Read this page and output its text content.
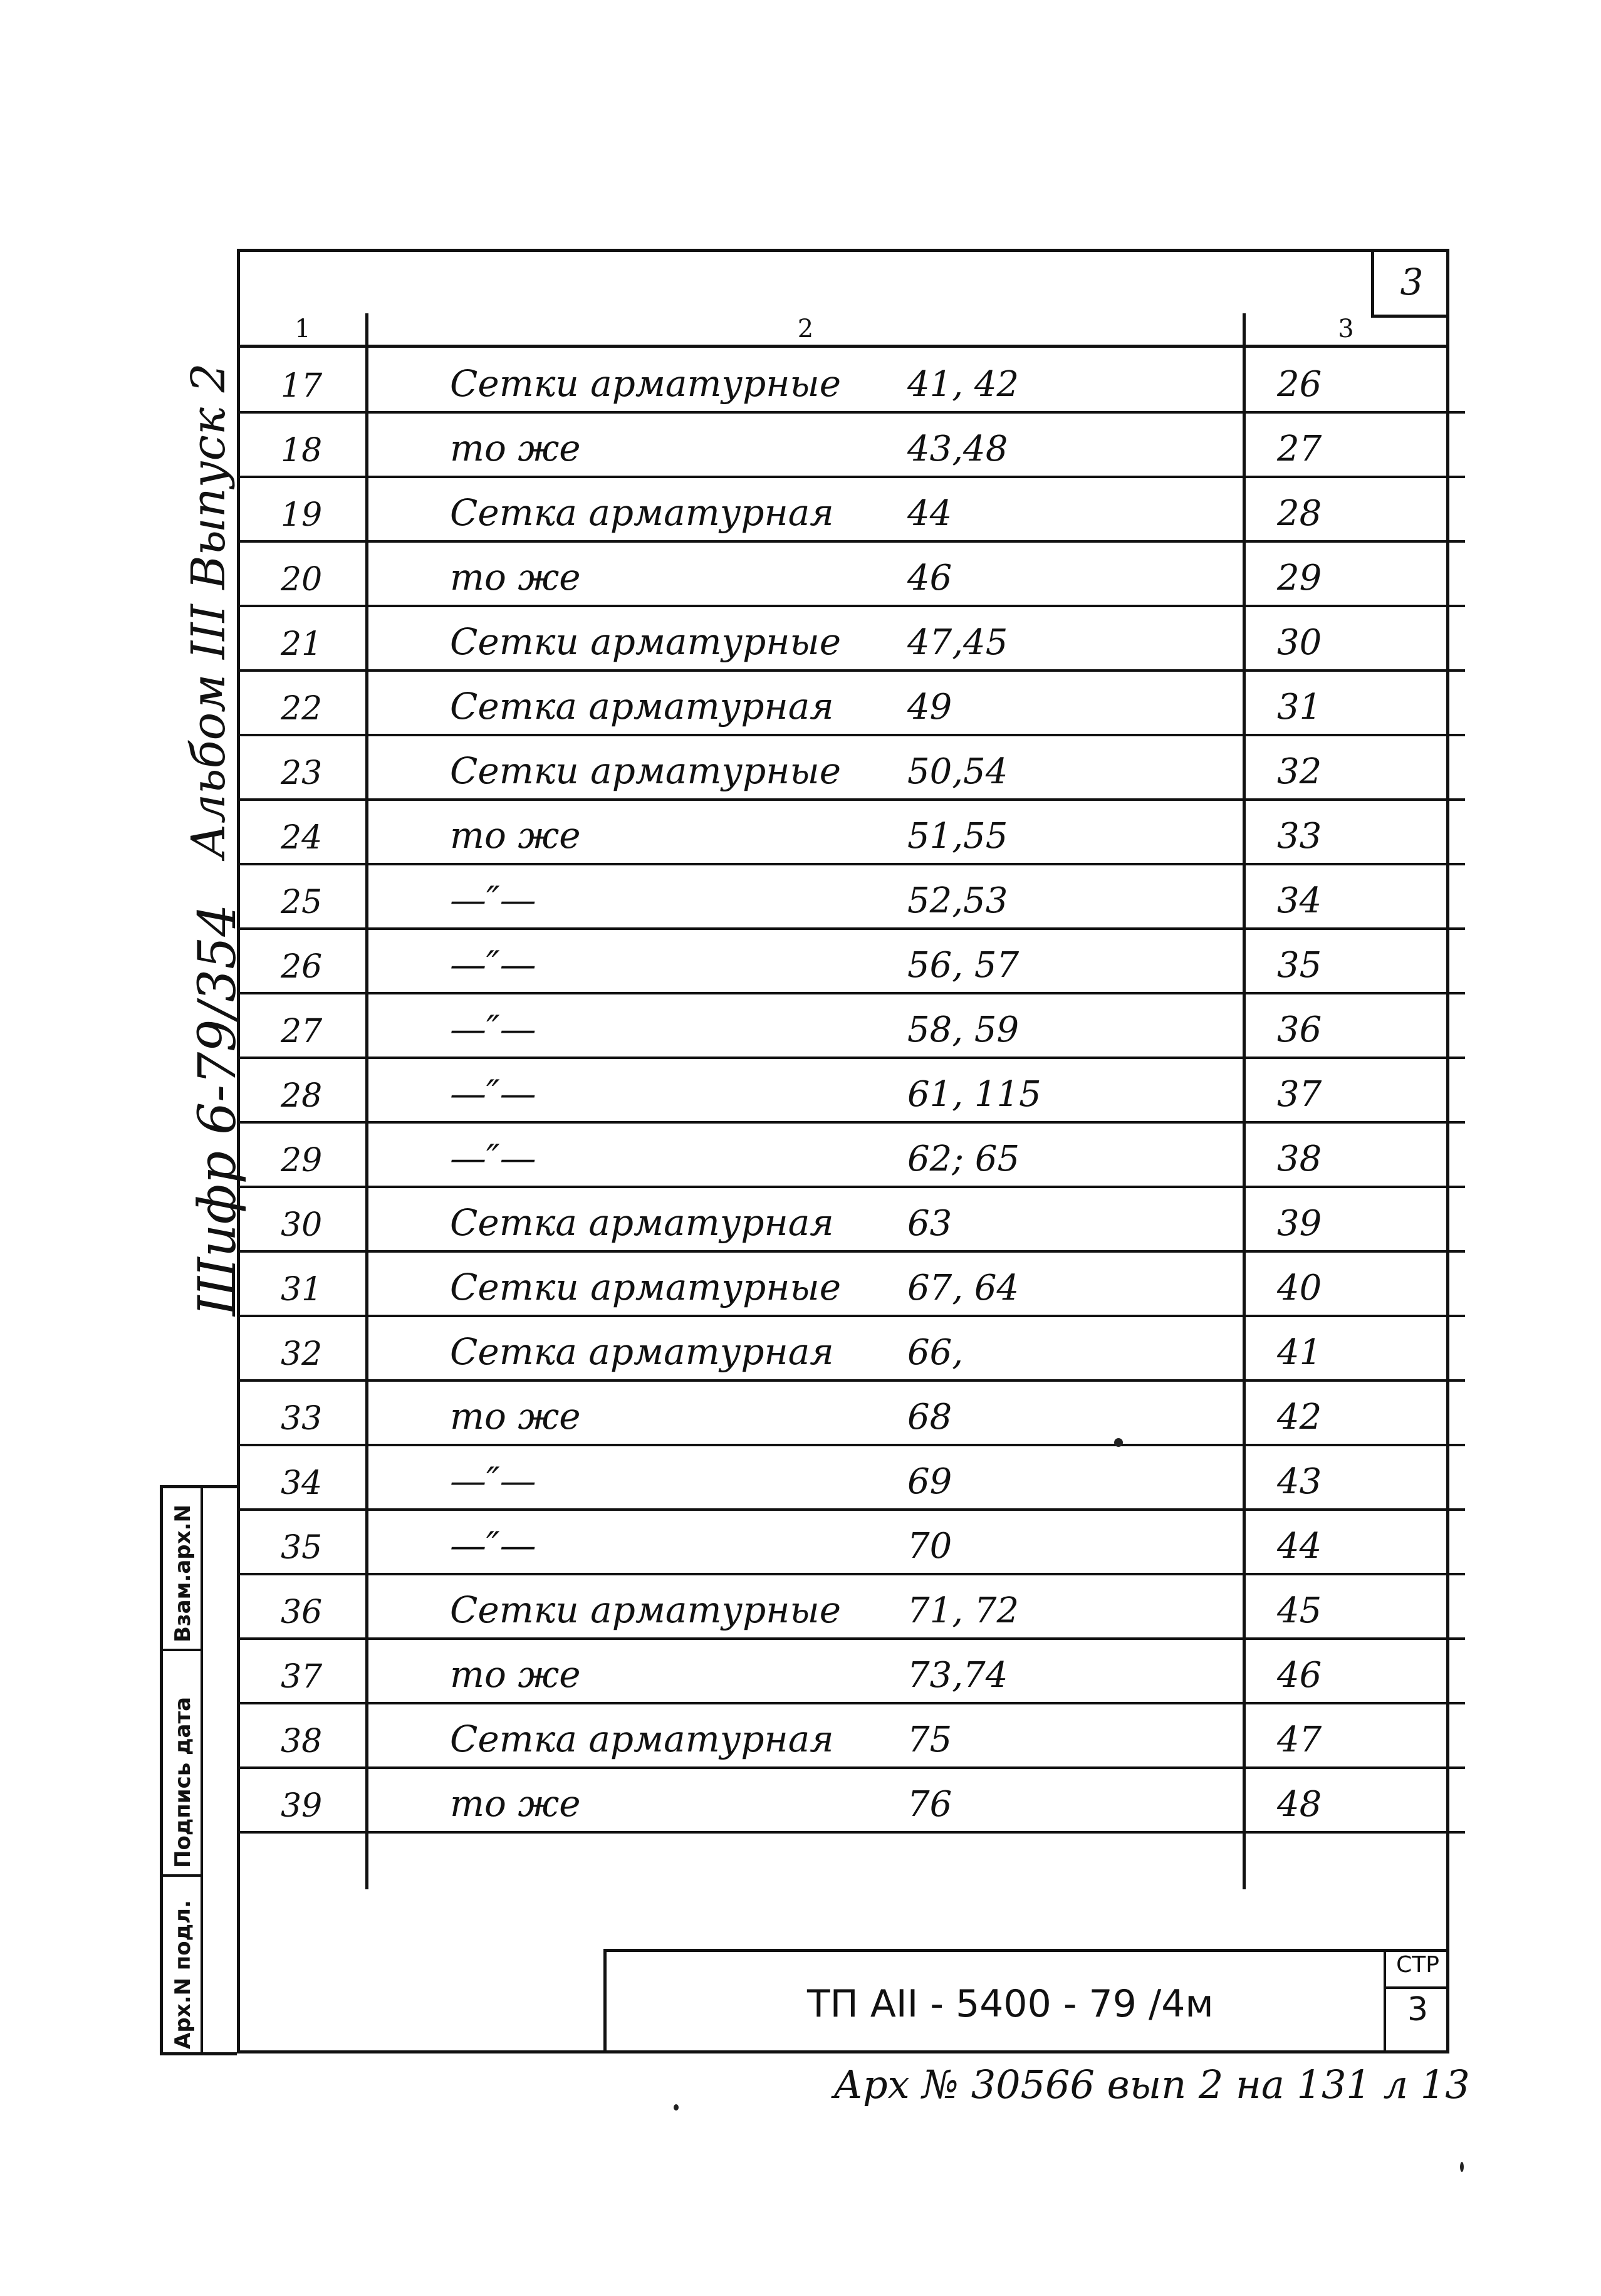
3
1	2	3
17	Сетки арматурные 41, 42	26
18	то же	43,48	27
19	Сетка арматурная 44	28
20	то же	46	29
21	Сетки арматурные 47,45	30
22	Сетка арматурная 49	31
23	Сетки арматурные 50,54	32
24	то же	51,55	33
25	—″—	52,53	34
26	—″—	56, 57	35
27	—″—	58, 59	36
28	—″—	61, 115	37
29	—″—	62; 65	38
30	Сетка арматурная 63	39
31	Сетки арматурные 67, 64	40
32	Сетка арматурная 66,	41
33	то же	68	42
34	—″—	69	43
35	—″—	70	44
36	Сетки арматурные 71, 72	45
37	то же	73,74	46
38	Сетка арматурная 75	47
39	то же	76	48
Альбом III Выпуск 2
Шифр 6-79/354
Взам.арх.N
Подпись дата
Арх.N подл.	ТП АII - 5400 - 79 /4м
СТР
3
Арх № 30566 вып 2 на 131 л 13
